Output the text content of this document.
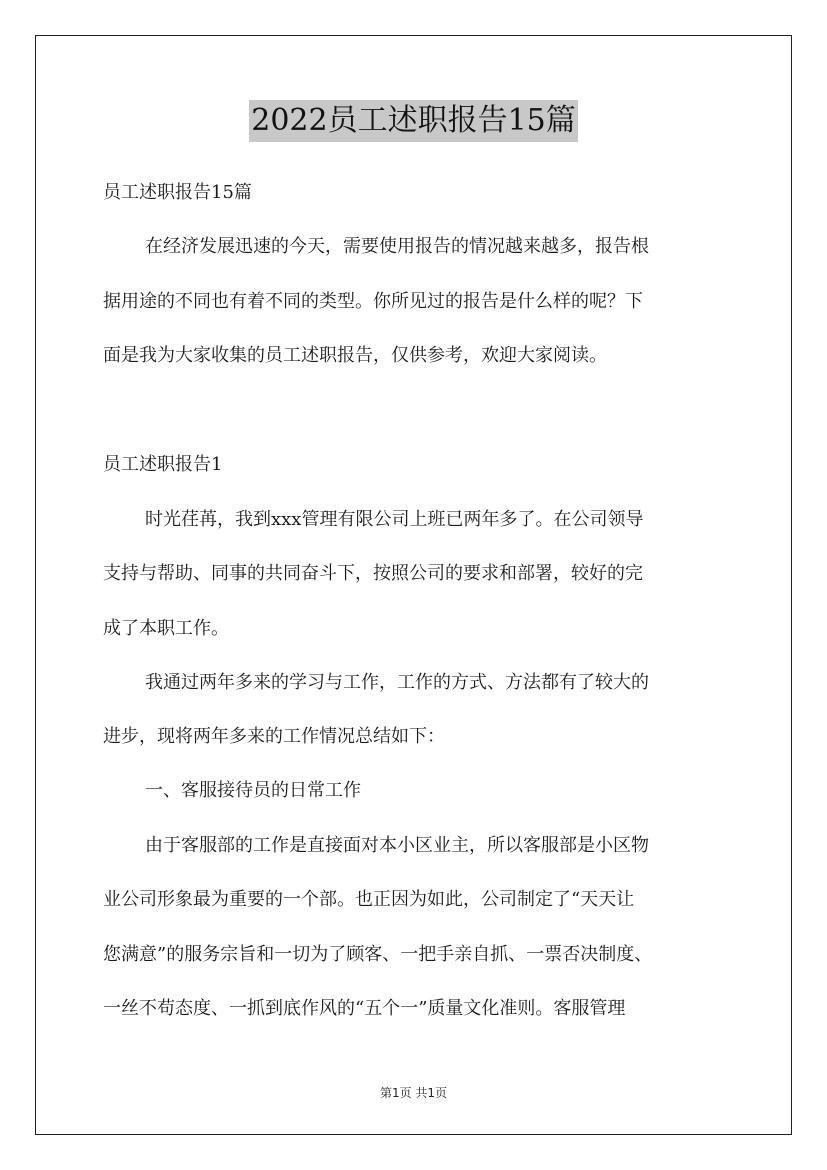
2022员工述职报告15篇
员工述职报告15篇
在经济发展迅速的今天，需要使用报告的情况越来越多，报告根
据用途的不同也有着不同的类型。你所见过的报告是什么样的呢？下
面是我为大家收集的员工述职报告，仅供参考，欢迎大家阅读。
员工述职报告1
时光荏苒，我到xxx管理有限公司上班已两年多了。在公司领导
支持与帮助、同事的共同奋斗下，按照公司的要求和部署，较好的完
成了本职工作。
我通过两年多来的学习与工作，工作的方式、方法都有了较大的
进步，现将两年多来的工作情况总结如下：
一、客服接待员的日常工作
由于客服部的工作是直接面对本小区业主，所以客服部是小区物
业公司形象最为重要的一个部。也正因为如此，公司制定了“天天让
您满意”的服务宗旨和一切为了顾客、一把手亲自抓、一票否决制度、
一丝不苟态度、一抓到底作风的“五个一”质量文化准则。客服管理
第1页 共1页
